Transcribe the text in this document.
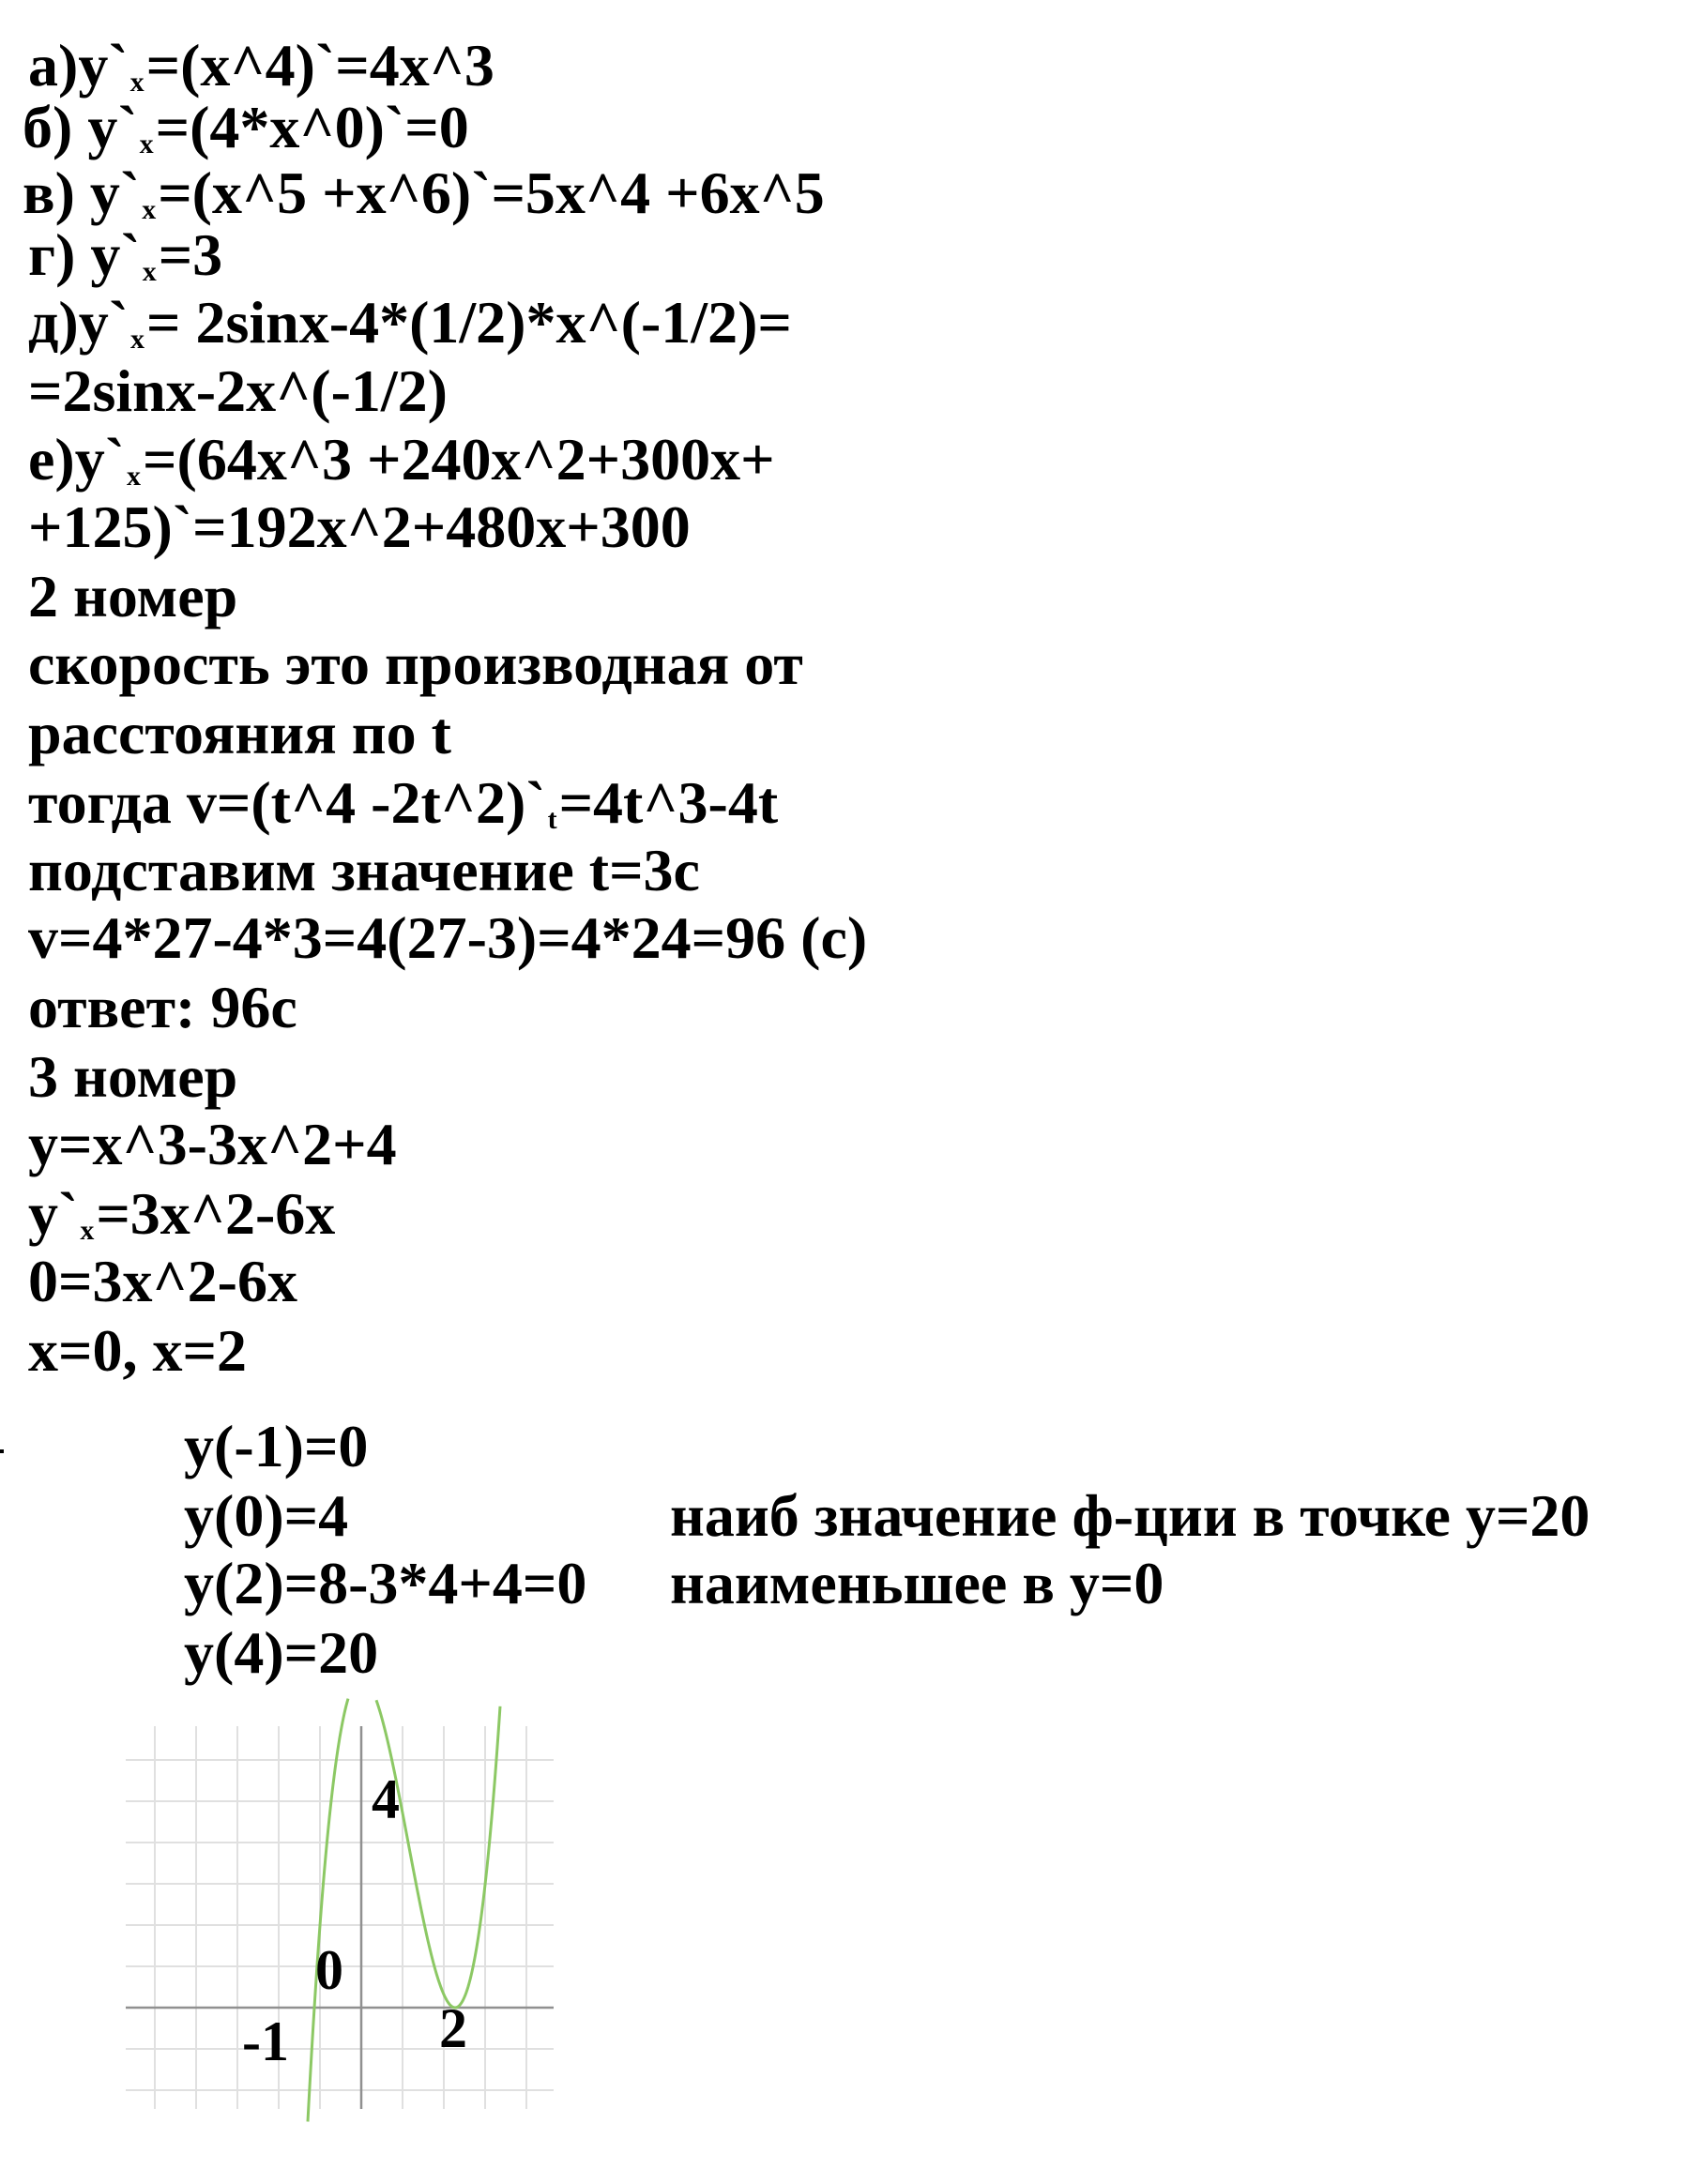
а)y`x=(x^4)`=4x^3
б) y`x=(4*x^0)`=0
в) y`x=(x^5 +x^6)`=5x^4 +6x^5
г) y`x=3
д)y`x= 2sinx-4*(1/2)*x^(-1/2)=
=2sinx-2x^(-1/2)
е)y`x=(64x^3 +240x^2+300x+
+125)`=192x^2+480x+300
2 номер
скорость это производная от
расстояния по t
тогда v=(t^4 -2t^2)`t=4t^3-4t
подставим значение t=3с
v=4*27-4*3=4(27-3)=4*24=96 (с)
ответ: 96с
3 номер
y=x^3-3x^2+4
y`x=3x^2-6x
0=3x^2-6x
x=0, x=2
y(-1)=0
y(0)=4
y(2)=8-3*4+4=0
y(4)=20
наиб значение ф-ции в точке y=20
наименьшее в y=0
4
0
-1	2
